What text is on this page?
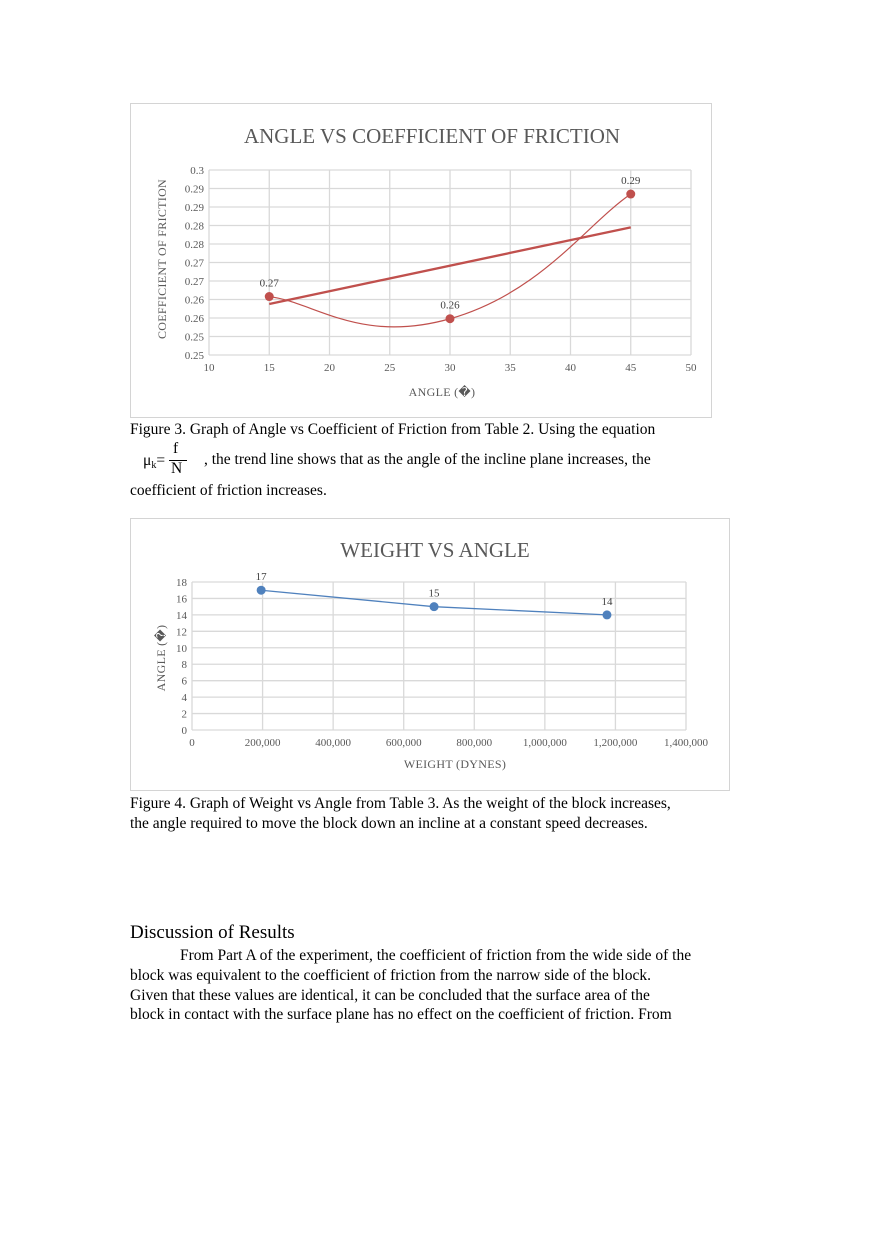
ANGLE VS COEFFICIENT OF FRICTION
0.25
0.25
0.26
0.26
0.27
0.27
0.28
0.28
0.29
0.29
0.3
10	15	20	25	30	35	40	45	50
0.27
0.26
0.29
ANGLE (�)
COEFFICIENT OF FRICTION
Figure 3. Graph of Angle vs Coefficient of Friction from Table 2. Using the equation
μk=
f
N
, the trend line shows that as the angle of the incline plane increases, the
coefficient of friction increases.
WEIGHT VS ANGLE
0
2
4
6
8
10
12
14
16
18
0	200,000	400,000	600,000	800,000	1,000,000 1,200,000 1,400,000
17
15
14
WEIGHT (DYNES)
ANGLE (�)
Figure 4. Graph of Weight vs Angle from Table 3. As the weight of the block increases,
the angle required to move the block down an incline at a constant speed decreases.
Discussion of Results
From Part A of the experiment, the coefficient of friction from the wide side of the
block was equivalent to the coefficient of friction from the narrow side of the block.
Given that these values are identical, it can be concluded that the surface area of the
block in contact with the surface plane has no effect on the coefficient of friction. From
